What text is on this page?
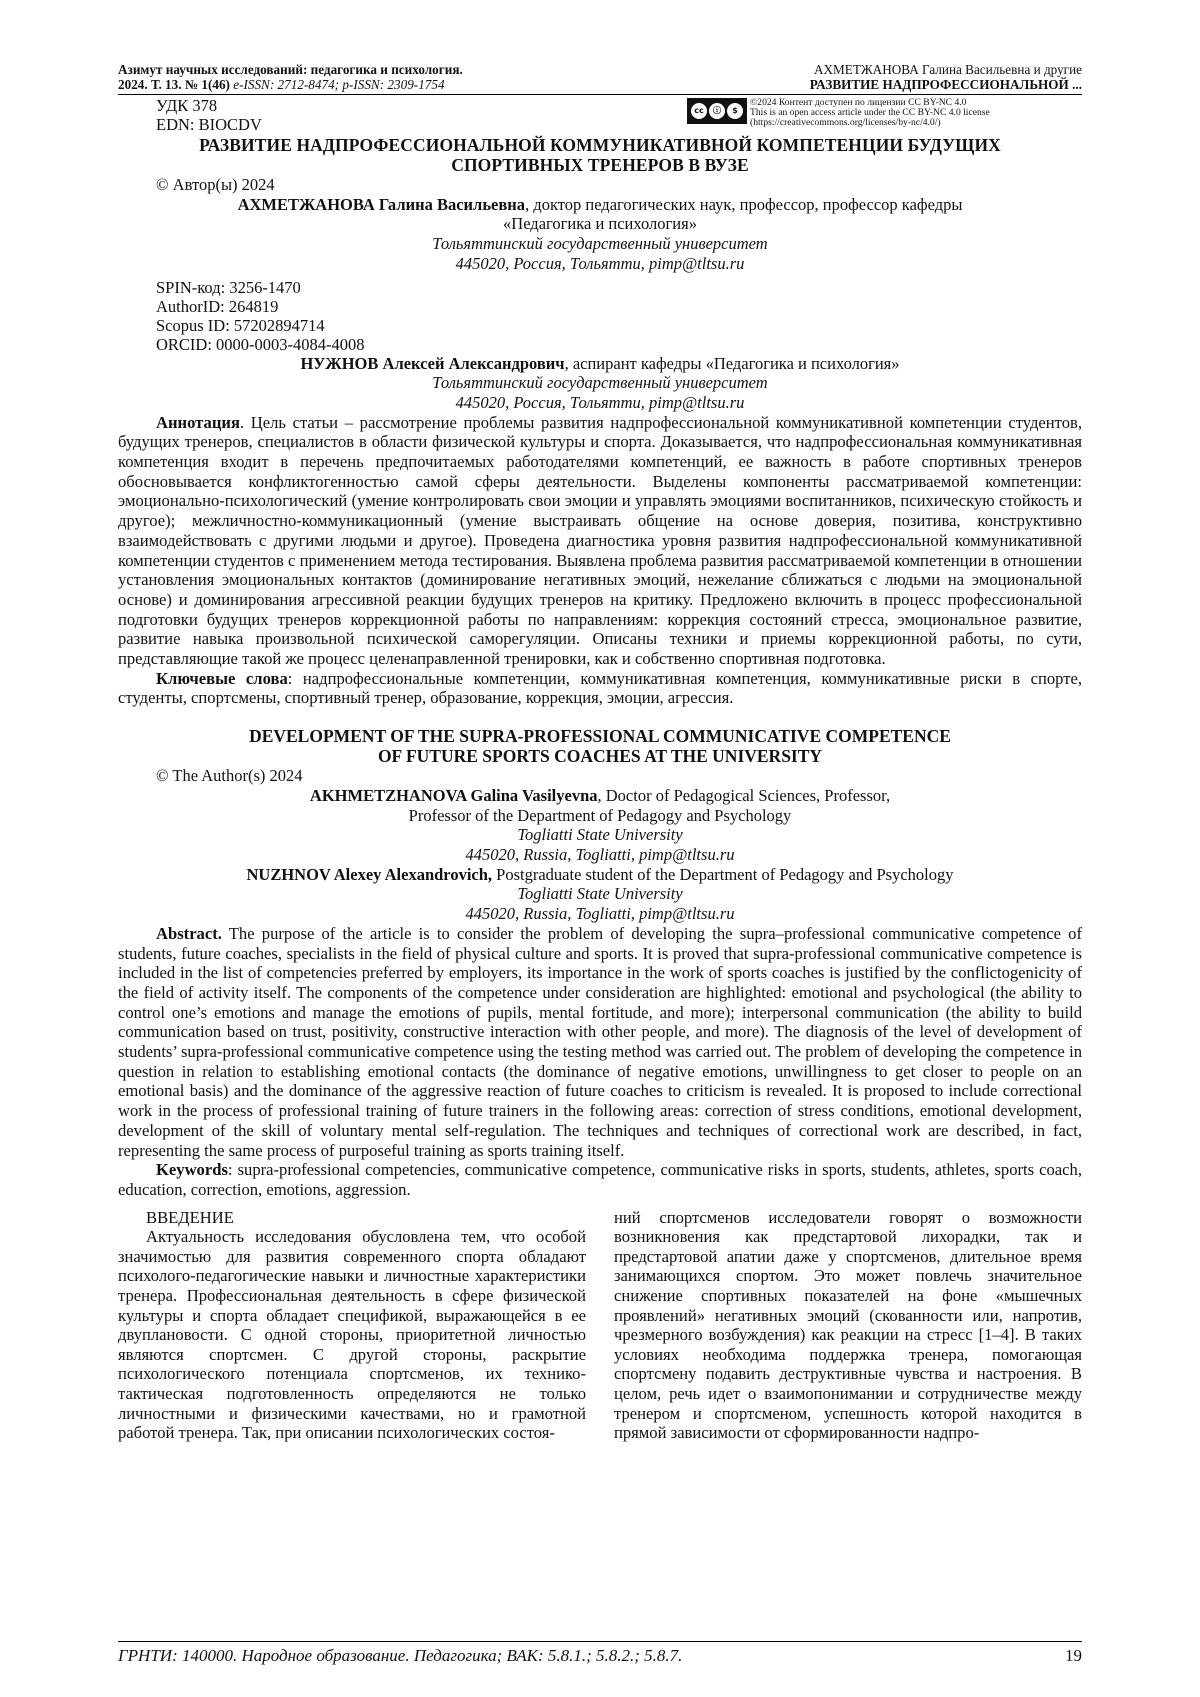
Азимут научных исследований: педагогика и психология.
2024. Т. 13. № 1(46) e-ISSN: 2712-8474; p-ISSN: 2309-1754
АХМЕТЖАНОВА Галина Васильевна и другие
РАЗВИТИЕ НАДПРОФЕССИОНАЛЬНОЙ ...
УДК 378
EDN: BIOCDV
cc	ⓘ	$
©2024 Контент доступен по лицензии CC BY-NC 4.0
This is an open access article under the CC BY-NC 4.0 license
(https://creativecommons.org/licenses/by-nc/4.0/)
РАЗВИТИЕ НАДПРОФЕССИОНАЛЬНОЙ КОММУНИКАТИВНОЙ КОМПЕТЕНЦИИ БУДУЩИХ
СПОРТИВНЫХ ТРЕНЕРОВ В ВУЗЕ
© Автор(ы) 2024
АХМЕТЖАНОВА Галина Васильевна, доктор педагогических наук, профессор, профессор кафедры
«Педагогика и психология»
Тольяттинский государственный университет
445020, Россия, Тольятти, pimp@tltsu.ru
SPIN-код: 3256-1470
AuthorID: 264819
Scopus ID: 57202894714
ORCID: 0000-0003-4084-4008
НУЖНОВ Алексей Александрович, аспирант кафедры «Педагогика и психология»
Тольяттинский государственный университет
445020, Россия, Тольятти, pimp@tltsu.ru

Аннотация. Цель статьи – рассмотрение проблемы развития надпрофессиональной коммуникативной компетенции студентов, будущих тренеров, специалистов в области физической культуры и спорта. Доказывается, что надпрофессиональная коммуникативная компетенция входит в перечень предпочитаемых работодателями компетенций, ее важность в работе спортивных тренеров обосновывается конфликтогенностью самой сферы деятельности. Выделены компоненты рассматриваемой компетенции: эмоционально-психологический (умение контролировать свои эмоции и управлять эмоциями воспитанников, психическую стойкость и другое); межличностно-коммуникационный (умение выстраивать общение на основе доверия, позитива, конструктивно взаимодействовать с другими людьми и другое). Проведена диагностика уровня развития надпрофессиональной коммуникативной компетенции студентов с применением метода тестирования. Выявлена проблема развития рассматриваемой компетенции в отношении установления эмоциональных контактов (доминирование негативных эмоций, нежелание сближаться с людьми на эмоциональной основе) и доминирования агрессивной реакции будущих тренеров на критику. Предложено включить в процесс профессиональной подготовки будущих тренеров коррекционной работы по направлениям: коррекция состояний стресса, эмоциональное развитие, развитие навыка произвольной психической саморегуляции. Описаны техники и приемы коррекционной работы, по сути, представляющие такой же процесс целенаправленной тренировки, как и собственно спортивная подготовка.

Ключевые слова: надпрофессиональные компетенции, коммуникативная компетенция, коммуникативные риски в спорте, студенты, спортсмены, спортивный тренер, образование, коррекция, эмоции, агрессия.

DEVELOPMENT OF THE SUPRA-PROFESSIONAL COMMUNICATIVE COMPETENCE
OF FUTURE SPORTS COACHES AT THE UNIVERSITY
© The Author(s) 2024
AKHMETZHANOVA Galina Vasilyevna, Doctor of Pedagogical Sciences, Professor,
Professor of the Department of Pedagogy and Psychology
Togliatti State University
445020, Russia, Togliatti, pimp@tltsu.ru
NUZHNOV Alexey Alexandrovich, Postgraduate student of the Department of Pedagogy and Psychology
Togliatti State University
445020, Russia, Togliatti, pimp@tltsu.ru

Abstract. The purpose of the article is to consider the problem of developing the supra–professional communicative competence of students, future coaches, specialists in the field of physical culture and sports. It is proved that supra-professional communicative competence is included in the list of competencies preferred by employers, its importance in the work of sports coaches is justified by the conflictogenicity of the field of activity itself. The components of the competence under consideration are highlighted: emotional and psychological (the ability to control one’s emotions and manage the emotions of pupils, mental fortitude, and more); interpersonal communication (the ability to build communication based on trust, positivity, constructive interaction with other people, and more). The diagnosis of the level of development of students’ supra-professional communicative competence using the testing method was carried out. The problem of developing the competence in question in relation to establishing emotional contacts (the dominance of negative emotions, unwillingness to get closer to people on an emotional basis) and the dominance of the aggressive reaction of future coaches to criticism is revealed. It is proposed to include correctional work in the process of professional training of future trainers in the following areas: correction of stress conditions, emotional development, development of the skill of voluntary mental self-regulation. The techniques and techniques of correctional work are described, in fact, representing the same process of purposeful training as sports training itself.

Keywords: supra-professional competencies, communicative competence, communicative risks in sports, students, athletes, sports coach, education, correction, emotions, aggression.

ВВЕДЕНИЕ

Актуальность исследования обусловлена тем, что особой значимостью для развития современного спорта обладают психолого-педагогические навыки и личностные характеристики тренера. Профессиональная деятельность в сфере физической культуры и спорта обладает спецификой, выражающейся в ее двуплановости. С одной стороны, приоритетной личностью являются спортсмен. С другой стороны, раскрытие психологического потенциала спортсменов, их технико-тактическая подготовленность определяются не только личностными и физическими качествами, но и грамотной работой тренера. Так, при описании психологических состоя-

ний спортсменов исследователи говорят о возможности возникновения как предстартовой лихорадки, так и предстартовой апатии даже у спортсменов, длительное время занимающихся спортом. Это может повлечь значительное снижение спортивных показателей на фоне «мышечных проявлений» негативных эмоций (скованности или, напротив, чрезмерного возбуждения) как реакции на стресс [1–4]. В таких условиях необходима поддержка тренера, помогающая спортсмену подавить деструктивные чувства и настроения. В целом, речь идет о взаимопонимании и сотрудничестве между тренером и спортсменом, успешность которой находится в прямой зависимости от сформированности надпро-

ГРНТИ: 140000. Народное образование. Педагогика; ВАК: 5.8.1.; 5.8.2.; 5.8.7.	19
